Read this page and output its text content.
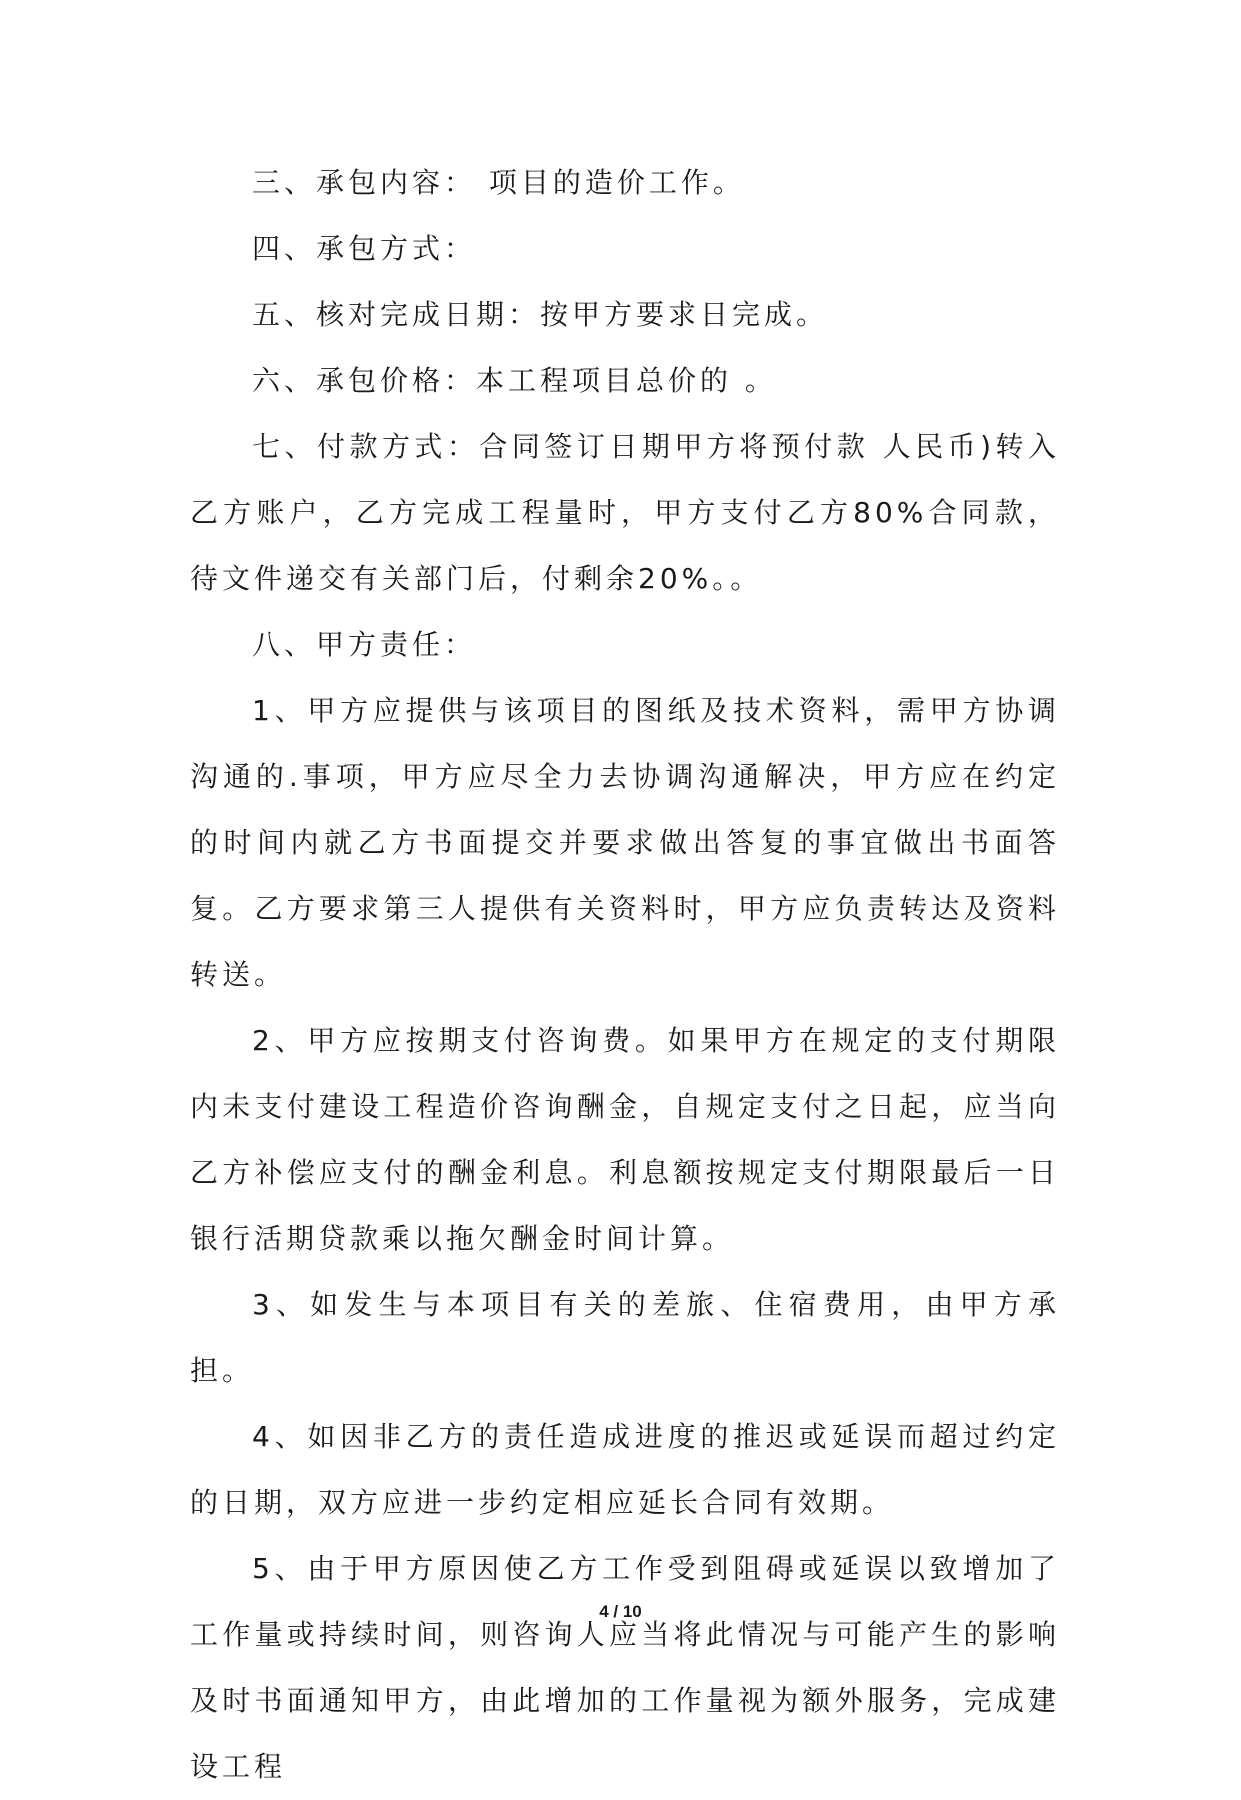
三、承包内容： 项目的造价工作。

四、承包方式：

五、核对完成日期：按甲方要求日完成。

六、承包价格：本工程项目总价的 。

七、付款方式：合同签订日期甲方将预付款 人民币)转入乙方账户，乙方完成工程量时，甲方支付乙方80%合同款，待文件递交有关部门后，付剩余20%。。

八、甲方责任：

1、甲方应提供与该项目的图纸及技术资料，需甲方协调沟通的.事项，甲方应尽全力去协调沟通解决，甲方应在约定的时间内就乙方书面提交并要求做出答复的事宜做出书面答复。乙方要求第三人提供有关资料时，甲方应负责转达及资料转送。

2、甲方应按期支付咨询费。如果甲方在规定的支付期限内未支付建设工程造价咨询酬金，自规定支付之日起，应当向乙方补偿应支付的酬金利息。利息额按规定支付期限最后一日银行活期贷款乘以拖欠酬金时间计算。

3、如发生与本项目有关的差旅、住宿费用，由甲方承担。

4、如因非乙方的责任造成进度的推迟或延误而超过约定的日期，双方应进一步约定相应延长合同有效期。

5、由于甲方原因使乙方工作受到阻碍或延误以致增加了工作量或持续时间，则咨询人应当将此情况与可能产生的影响及时书面通知甲方，由此增加的工作量视为额外服务，完成建设工程

4 / 10
